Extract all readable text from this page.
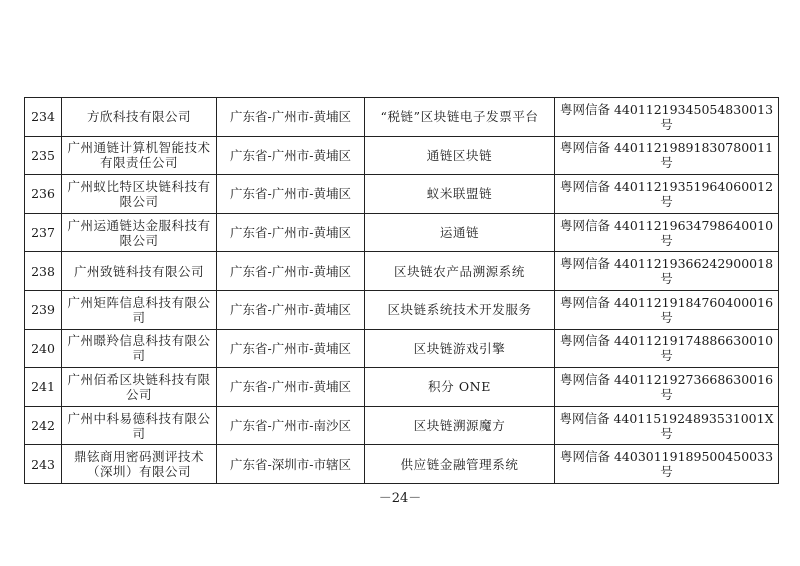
234	方欣科技有限公司	广东省-广州市-黄埔区	“税链”区块链电子发票平台	粤网信备 44011219345054830013 号
235	广州通链计算机智能技术有限责任公司	广东省-广州市-黄埔区	通链区块链	粤网信备 44011219891830780011 号
236	广州蚁比特区块链科技有限公司	广东省-广州市-黄埔区	蚁米联盟链	粤网信备 44011219351964060012 号
237	广州运通链达金服科技有限公司	广东省-广州市-黄埔区	运通链	粤网信备 44011219634798640010 号
238	广州致链科技有限公司	广东省-广州市-黄埔区	区块链农产品溯源系统	粤网信备 44011219366242900018 号
239	广州矩阵信息科技有限公司	广东省-广州市-黄埔区	区块链系统技术开发服务	粤网信备 44011219184760400016 号
240	广州暻羚信息科技有限公司	广东省-广州市-黄埔区	区块链游戏引擎	粤网信备 44011219174886630010 号
241	广州佰希区块链科技有限公司	广东省-广州市-黄埔区	积分 ONE	粤网信备 44011219273668630016 号
242	广州中科易德科技有限公司	广东省-广州市-南沙区	区块链溯源魔方	粤网信备 4401151924893531001X 号
243	鼎铉商用密码测评技术（深圳）有限公司	广东省-深圳市-市辖区	供应链金融管理系统	粤网信备 44030119189500450033 号
－24－
